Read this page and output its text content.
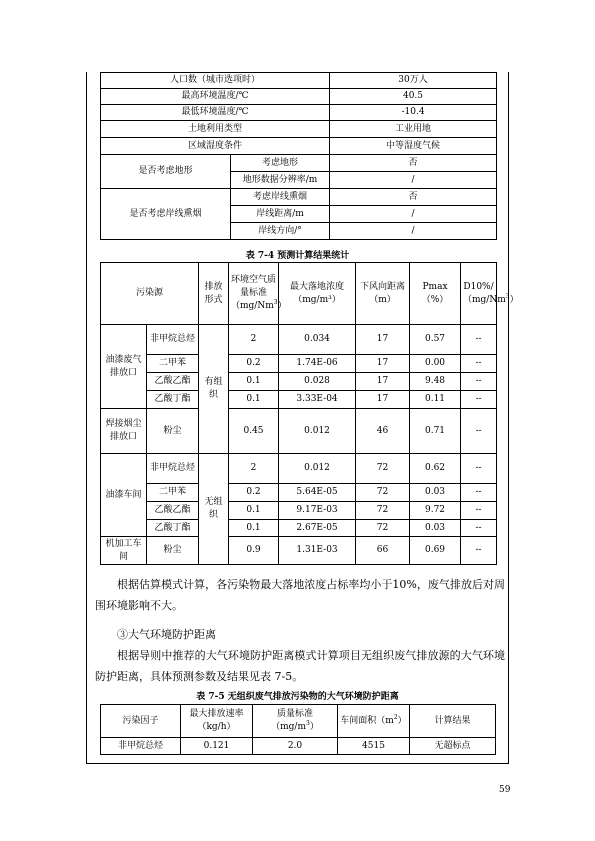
人口数（城市选项时）		30万人
最高环境温度/℃		40.5
最低环境温度/℃		-10.4
土地利用类型		工业用地
区域湿度条件		中等湿度气候
是否考虑地形	考虑地形	否
	地形数据分辨率/m	/
是否考虑岸线熏烟	考虑岸线熏烟	否
	岸线距离/m	/
	岸线方向/°	/
表 7-4 预测计算结果统计
污染源		排放形式	环境空气质量标准（mg/Nm$^3$）	最大落地浓度（mg/m³）	下风向距离（m）	Pmax（%）	D10%/（mg/Nm$^3$）
油漆废气排放口	非甲烷总烃	有组织	2	0.034	17	0.57	--
	二甲苯		0.2	1.74E-06	17	0.00	--
	乙酸乙酯		0.1	0.028	17	9.48	--
	乙酸丁酯		0.1	3.33E-04	17	0.11	--
焊接烟尘排放口	粉尘		0.45	0.012	46	0.71	--
油漆车间	非甲烷总烃	无组织	2	0.012	72	0.62	--
	二甲苯		0.2	5.64E-05	72	0.03	--
	乙酸乙酯		0.1	9.17E-03	72	9.72	--
	乙酸丁酯		0.1	2.67E-05	72	0.03	--
机加工车间	粉尘		0.9	1.31E-03	66	0.69	--
根据估算模式计算，各污染物最大落地浓度占标率均小于10%，废气排放后对周围环境影响不大。
③大气环境防护距离
根据导则中推荐的大气环境防护距离模式计算项目无组织废气排放源的大气环境防护距离，具体预测参数及结果见表 7-5。
表 7-5 无组织废气排放污染物的大气环境防护距离
污染因子	最大排放速率（kg/h）	质量标准$(mg/m^3)$	车间面积$(m^2)$	计算结果
非甲烷总烃	0.121	2.0	4515	无超标点
59
